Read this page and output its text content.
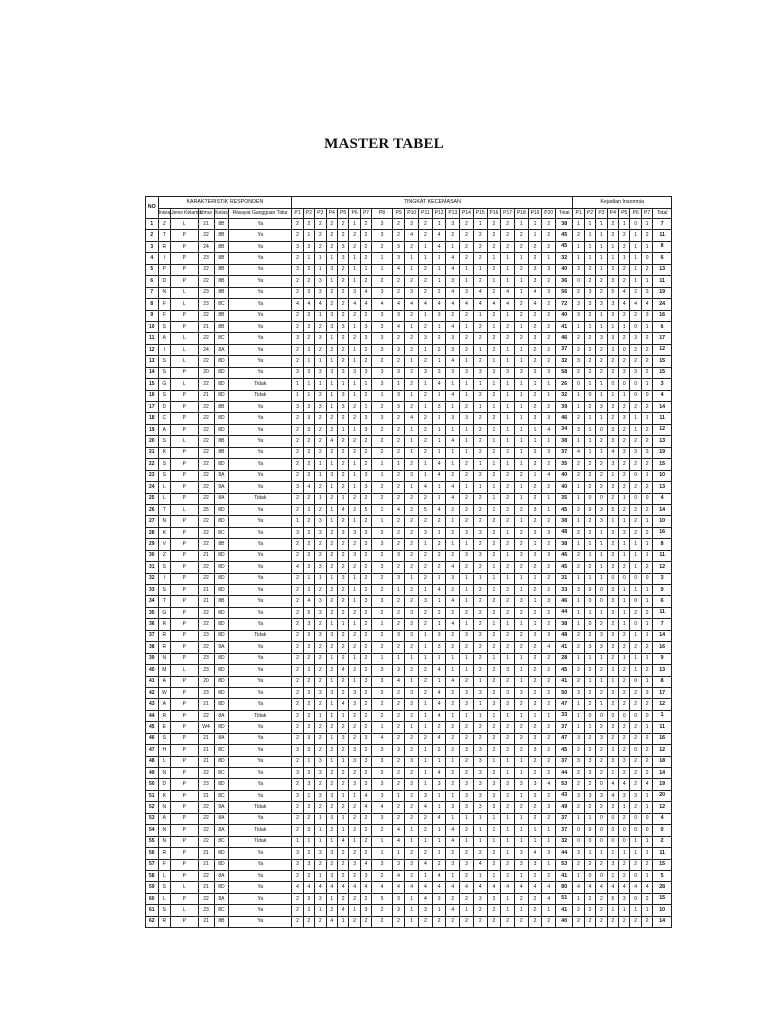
MASTER TABEL
NO	KARAKTERISTIK RESPONDEN					TINGKAT KECEMASAN																					Kejadian Insomnia							
	Inisial	Jenis Kelamin	Umur	Kelas	Riwayat Gangguan Tidur	P1	P2	P3	P4	P5	P6	P7	P8	P9	P10	P11	P12	P13	P14	P15	P16	P17	P18	P19	P20	Total	P1	P2	P3	P4	P5	P6	P7	Total
1	Z	L	21	8B	Ya	2	2	2	2	2	1	2	3	2	3	2	1	3	2	1	2	2	1	1	2	38	1	1	1	2	1	0	1	7
2	T	P	22	8B	Ya	2	1	2	2	2	2	2	3	2	4	2	4	2	2	2	2	2	2	1	2	45	2	1	1	2	2	1	2	11
3	R	P	24	8B	Ya	3	3	2	2	3	2	2	2	3	2	1	4	1	2	2	2	2	2	2	2	45	1	1	1	1	2	1	1	8
4	I	P	23	8B	Ya	2	1	1	1	3	1	2	1	3	1	1	1	4	2	2	1	1	1	2	1	32	1	1	1	1	1	1	0	6
5	P	P	22	8B	Ya	3	2	1	3	2	1	1	1	4	1	2	1	4	1	1	2	1	2	3	3	40	3	2	1	2	2	1	2	13
6	D	P	22	8B	Ya	2	2	3	1	2	1	2	2	2	2	2	1	3	1	2	1	1	1	3	2	36	0	2	2	3	2	1	1	11
7	N	L	23	8B	Ya	2	3	3	2	2	3	4	3	2	3	2	2	4	3	4	2	4	1	4	3	56	2	3	2	5	4	2	3	19
8	F	L	23	8C	Ya	4	4	4	2	2	4	4	4	4	4	4	4	4	4	4	4	4	2	4	2	72	3	3	3	3	4	4	4	24
9	F	P	22	8B	Ya	2	2	1	3	2	2	2	3	3	2	1	3	2	2	1	2	1	2	2	2	40	3	2	1	3	2	2	3	16
10	S	P	21	8B	Ya	2	2	2	3	3	1	3	3	4	1	2	1	4	1	2	1	2	1	2	2	41	1	1	1	1	1	0	1	6
11	A	L	22	8C	Ya	3	2	3	1	2	2	3	3	2	2	3	2	3	2	2	2	2	2	3	2	46	2	2	3	3	2	3	2	17
12	I	L	24	8A	Ya	2	2	2	2	2	1	2	3	3	2	1	2	3	2	1	2	1	1	2	2	37	2	2	2	2	0	2	2	12
13	S	L	22	8D	Ya	2	1	1	1	2	1	2	2	2	1	2	1	4	1	2	1	1	1	2	2	32	3	2	2	2	2	2	2	15
14	S	P	20	8D	Ya	3	3	3	3	3	3	3	3	3	2	3	3	3	3	3	3	3	3	3	3	58	2	2	2	2	3	3	2	15
15	G	L	22	8D	Tidak	1	1	1	1	1	1	1	3	1	2	1	4	1	1	1	1	1	1	1	1	26	0	1	1	0	0	0	1	3
16	S	P	21	8D	Tidak	1	1	2	1	3	1	2	1	3	1	2	1	4	1	2	2	1	1	2	1	32	1	0	1	1	1	0	0	4
17	D	P	22	8B	Ya	3	3	3	1	3	2	1	2	3	2	1	3	1	2	1	1	1	1	2	2	39	1	2	3	2	2	2	2	14
18	C	P	22	8D	Ya	2	3	2	2	2	2	3	3	2	4	2	1	3	3	2	2	1	1	3	3	46	2	1	1	2	3	1	1	11
19	A	P	22	8D	Ya	2	3	2	2	1	1	3	2	2	1	2	1	1	1	2	1	1	1	1	4	34	3	1	0	3	2	1	2	12
20	S	L	22	8B	Ya	2	2	2	4	2	2	2	2	2	1	2	1	4	1	2	1	1	1	1	1	38	1	1	2	3	2	2	2	13
21	K	P	22	8B	Ya	2	2	2	2	2	2	2	2	2	1	2	1	1	1	2	2	2	1	3	3	37	4	1	1	4	3	3	3	19
22	S	P	22	8D	Ya	2	2	1	1	2	1	2	1	1	2	1	4	1	2	1	1	1	1	2	2	35	2	2	2	3	2	2	2	15
23	S	P	22	8A	Ya	2	2	1	3	2	1	3	1	2	3	1	4	2	2	2	2	2	2	1	4	40	2	2	2	1	2	0	1	10
24	L	P	22	8A	Ya	3	4	2	1	2	1	3	2	2	1	4	1	4	1	1	1	2	1	2	2	40	1	2	2	2	2	2	2	13
25	L	P	22	8A	Tidak	2	2	1	2	1	2	2	2	2	2	2	1	4	2	2	1	2	1	2	1	35	1	0	0	2	1	0	0	4
26	T	L	25	8D	Ya	2	2	2	1	4	2	5	1	4	2	5	4	2	2	2	1	2	2	3	1	45	2	0	3	5	2	2	2	14
27	N	P	22	8D	Ya	1	2	3	1	2	1	2	1	2	2	2	2	1	2	2	2	2	1	2	2	38	1	2	3	1	1	2	1	10
28	K	P	22	8C	Ya	3	2	3	2	3	3	3	3	2	2	3	1	2	3	3	2	1	2	3	3	48	2	2	1	3	3	2	2	16
29	V	P	22	8B	Ya	2	2	2	2	2	2	3	3	2	2	1	2	1	1	2	2	2	2	1	2	38	1	1	1	2	1	1	1	8
30	Z	P	21	8D	Ya	2	2	2	2	2	3	2	2	3	2	2	2	2	3	3	2	1	3	3	3	46	2	1	1	2	1	1	1	11
31	S	P	22	8D	Ya	4	3	3	2	2	2	2	3	2	2	2	2	4	2	2	1	2	2	2	2	45	2	2	1	2	2	1	2	12
32	I	P	22	8D	Ya	2	1	1	1	3	1	2	2	3	1	2	1	3	1	1	1	1	1	1	2	31	1	1	1	0	0	0	0	3
33	S	P	21	8D	Ya	2	2	2	2	2	1	2	2	1	2	1	4	2	1	2	1	2	1	2	2	33	3	0	0	3	1	1	1	9
34	T	P	21	8B	Ya	2	4	3	2	2	1	3	3	2	2	3	1	4	1	2	2	2	3	1	3	46	1	0	0	3	1	0	1	6
35	G	P	22	8D	Ya	2	5	3	2	2	2	2	2	2	3	2	2	2	2	2	2	2	2	2	2	44	1	1	1	3	1	2	2	11
36	R	P	22	8D	Ya	2	3	2	1	1	1	2	1	2	3	2	1	4	1	2	1	1	1	1	2	38	1	0	2	2	1	0	1	7
37	R	P	23	8D	Tidak	2	3	3	3	2	2	2	2	3	3	1	3	2	3	2	2	2	2	3	3	48	2	2	3	3	2	1	1	14
38	R	P	22	8A	Ya	2	2	2	2	2	2	2	2	2	2	1	3	2	2	2	2	2	2	2	4	41	2	3	3	2	2	2	2	16
39	N	P	23	8D	Ya	2	2	2	1	2	1	2	1	1	1	1	1	1	1	2	1	1	1	2	2	28	1	1	1	2	1	1	1	9
40	M	L	23	8D	Ya	2	2	2	2	4	2	2	3	3	2	2	4	1	1	2	2	3	1	2	2	45	2	2	2	2	2	1	2	13
41	A	P	20	8D	Ya	2	2	2	1	2	1	3	3	4	1	2	1	4	2	1	2	2	1	2	2	41	2	1	1	1	2	0	1	8
42	W	P	23	8D	Ya	2	3	3	3	2	3	2	3	2	3	2	4	2	3	3	2	3	3	2	2	50	3	2	2	3	2	2	3	17
43	A	P	21	8D	Ya	2	2	2	1	4	3	2	2	2	3	1	4	2	3	1	3	3	2	2	2	47	1	2	1	2	2	2	2	12
44	R	P	22	8A	Tidak	2	2	1	1	1	2	2	2	2	2	1	4	1	1	1	1	1	1	1	1	33	1	0	0	0	0	0	0	1
45	E	P	W4	8D	Ya	2	2	2	2	2	2	2	1	2	1	1	2	2	2	2	2	2	2	2	2	37	1	1	2	2	2	2	1	11
46	S	P	21	8A	Ya	2	3	2	1	3	2	3	4	2	2	2	4	2	2	2	2	2	2	3	2	47	3	2	3	2	2	2	2	16
47	H	P	21	8C	Ya	3	3	2	2	2	3	2	3	3	2	1	2	2	3	3	2	2	2	3	2	45	2	2	2	2	2	0	2	12
48	L	P	21	8D	Ya	2	1	3	1	1	3	3	3	2	3	1	1	1	2	3	1	1	1	2	2	37	3	3	2	3	3	2	2	18
49	N	P	22	8C	Ya	3	3	3	2	2	2	2	3	2	2	1	4	2	2	3	2	1	1	2	2	44	2	3	2	1	2	2	2	14
50	D	P	23	8D	Ya	2	3	2	2	2	3	3	3	2	3	1	3	2	3	3	3	3	3	3	4	53	2	2	0	4	4	2	4	19
51	K	P	21	8C	Ya	3	1	3	3	1	1	4	3	1	2	3	1	1	3	3	3	2	1	3	2	43	3	3	3	4	3	3	1	20
52	N	P	22	8A	Tidak	2	2	2	2	2	2	4	4	2	2	4	1	3	3	3	3	2	2	2	3	49	2	2	2	2	1	2	1	12
53	A	P	22	8A	Ya	2	2	1	3	1	2	2	3	2	2	2	4	1	1	1	1	1	1	2	2	37	1	1	0	0	2	0	0	4
54	N	P	22	8A	Tidak	2	3	1	2	1	2	2	2	4	1	2	1	4	2	1	1	1	1	1	1	37	0	0	0	0	0	0	0	0
55	N	P	22	8C	Tidak	1	1	1	1	4	1	2	1	4	1	1	1	4	1	1	1	1	1	1	1	32	0	0	0	0	0	1	1	2
56	R	P	21	8D	Ya	3	2	3	3	2	2	2	1	1	2	2	1	2	2	2	2	1	3	4	3	44	3	1	1	1	1	1	1	11
57	F	P	21	8D	Ya	3	3	2	2	2	3	4	3	3	3	4	2	3	3	4	2	2	3	3	1	53	2	2	2	3	2	2	2	15
58	L	P	22	8A	Ya	2	2	1	3	2	2	3	2	4	2	1	4	1	2	1	1	2	1	2	2	41	1	0	0	1	2	0	1	5
59	S	L	21	8D	Ya	4	4	4	4	4	4	4	4	4	4	4	4	4	4	4	4	4	4	4	4	80	4	4	4	4	4	4	4	28
60	L	P	22	8A	Ya	2	3	3	1	2	2	2	5	3	1	4	3	2	2	3	3	1	2	2	4	51	1	2	2	5	3	0	2	15
61	S	L	23	8C	Ya	2	2	1	2	4	1	3	2	3	1	3	1	4	1	2	2	1	1	2	1	41	2	2	2	1	1	1	1	10
62	R	P	21	8B	Ya	2	2	2	4	1	2	2	2	2	1	2	2	2	2	2	2	2	2	2	2	40	2	2	2	2	2	2	2	14
